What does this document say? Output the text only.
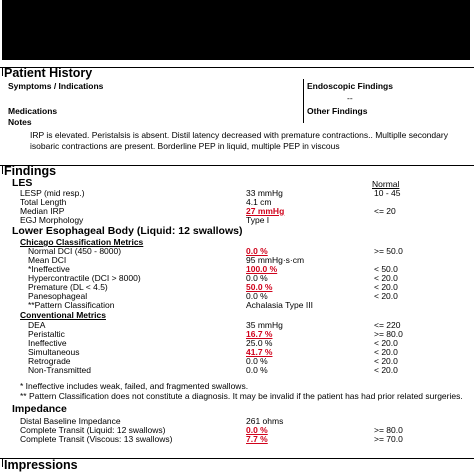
Patient History
Symptoms / Indications
Medications
Notes
Endoscopic Findings
--
Other Findings
IRP is elevated. Peristalsis is absent. Distil latency decreased with premature contractions.. Multiplle secondary isobaric contractions are present. Borderline PEP in liquid, multiple PEP in viscous
Findings
LES	Normal
LESP (mid resp.)	33 mmHg	10 - 45
Total Length	4.1 cm
Median IRP	27 mmHg	<= 20
EGJ Morphology	Type I
Lower Esophageal Body (Liquid: 12 swallows)
Chicago Classification Metrics
Normal DCI (450 - 8000)	0.0 %	>= 50.0
Mean DCI	95 mmHg·s·cm
*Ineffective	100.0 %	< 50.0
Hypercontractile (DCI > 8000)	0.0 %	< 20.0
Premature (DL < 4.5)	50.0 %	< 20.0
Panesophageal	0.0 %	< 20.0
**Pattern Classification	Achalasia Type III
Conventional Metrics
DEA	35 mmHg	<= 220
Peristaltic	16.7 %	>= 80.0
Ineffective	25.0 %	< 20.0
Simultaneous	41.7 %	< 20.0
Retrograde	0.0 %	< 20.0
Non-Transmitted	0.0 %	< 20.0
* Ineffective includes weak, failed, and fragmented swallows.
** Pattern Classification does not constitute a diagnosis. It may be invalid if the patient has had prior related surgeries.
Impedance
Distal Baseline Impedance	261 ohms
Complete Transit (Liquid: 12 swallows)	0.0 %	>= 80.0
Complete Transit (Viscous: 13 swallows)	7.7 %	>= 70.0
Impressions
